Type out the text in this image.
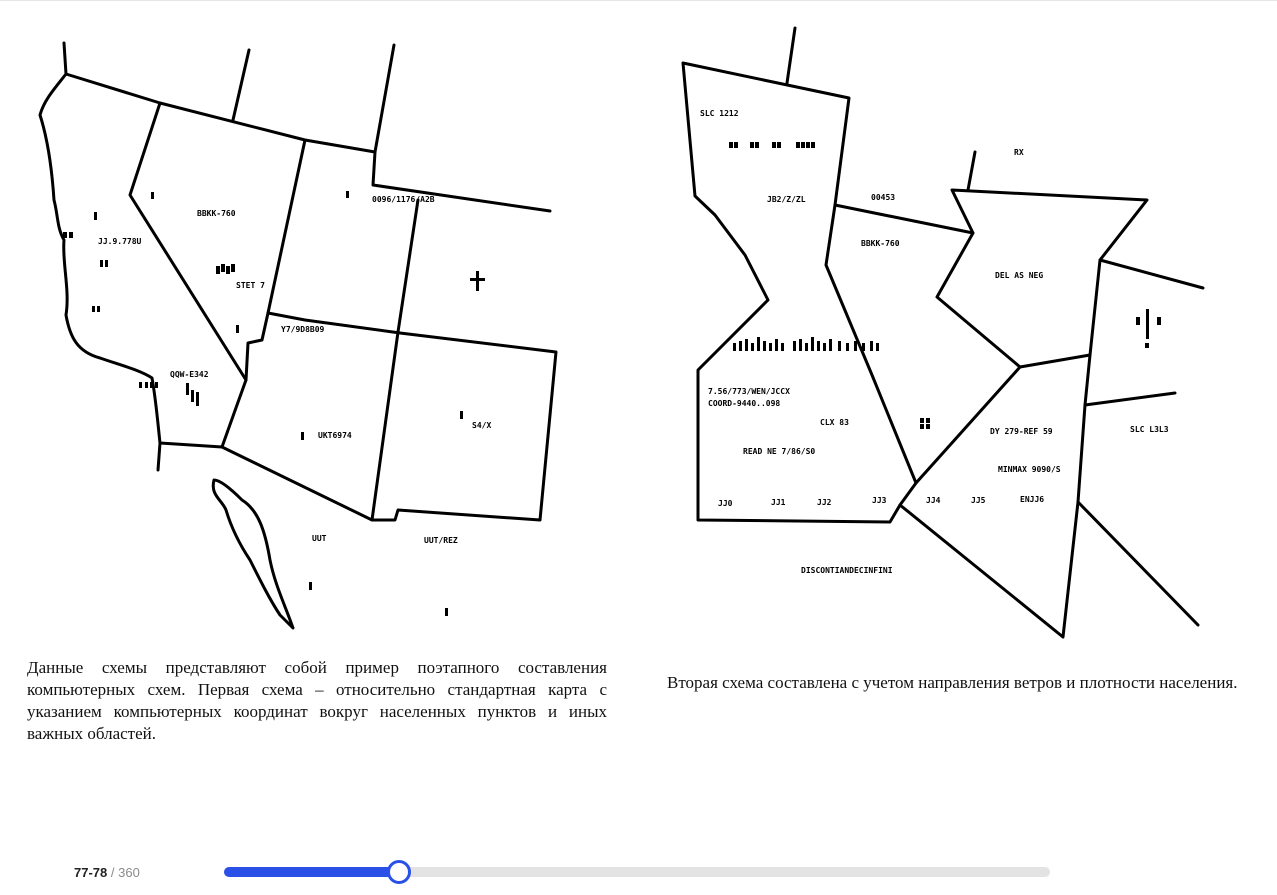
JJ.9.778U
BBKK-760
STET 7
0096/1176/A2B
Y7/9D8B09
QQW-E342
UKT6974
S4/X
UUT	UUT/REZ
SLC 1212
RX
JB2/Z/ZL	00453
BBKK-760
DEL AS NEG
7.56/773/WEN/JCCX
COORD-9440..098
CLX 83
READ NE 7/86/S0
DY 279-REF 59	SLC L3L3
MINMAX 9090/S
JJ0	JJ1	JJ2	JJ3	JJ4	JJ5	ENJJ6
DISCONTIANDECINFINI
Данные схемы представляют собой пример поэтапного составления компьютерных схем. Первая схема – относительно стандартная карта с указанием компьютерных координат вокруг населенных пунктов и иных важных областей.
Вторая схема составлена с учетом направления ветров и плотности населения.
77-78 / 360
